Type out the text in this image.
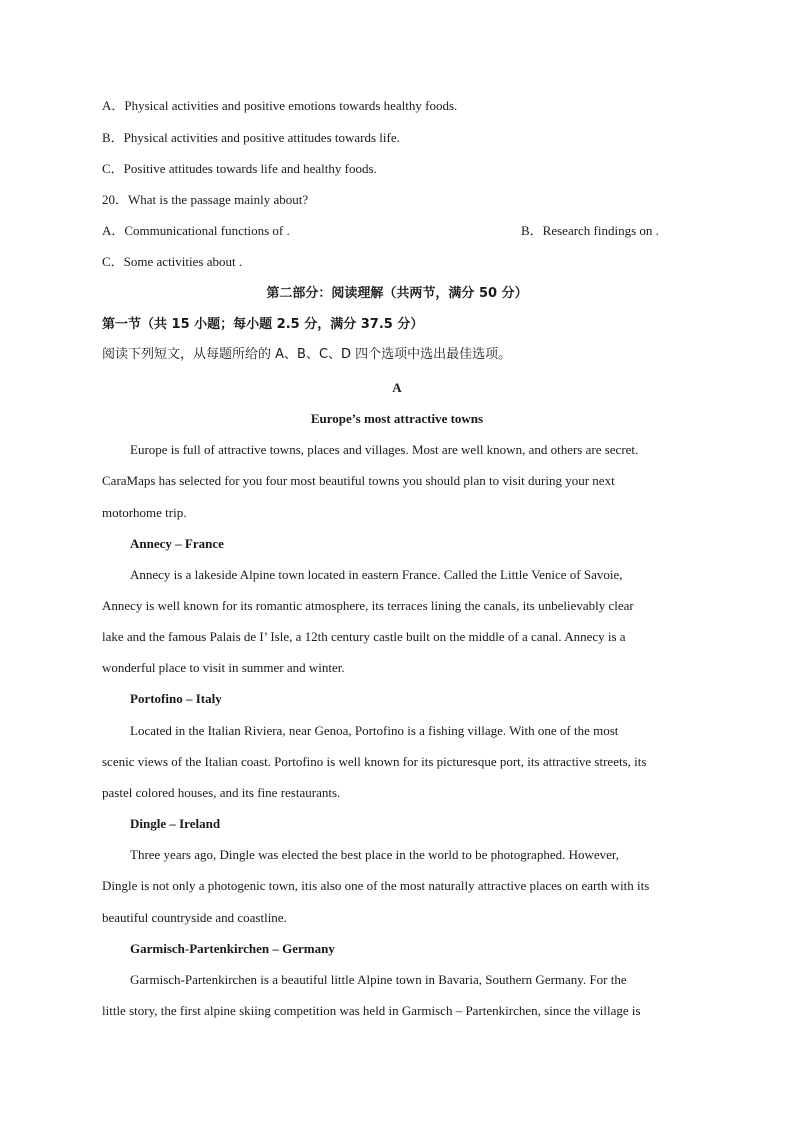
A．Physical activities and positive emotions towards healthy foods.
B．Physical activities and positive attitudes towards life.
C．Positive attitudes towards life and healthy foods.
20．What is the passage mainly about?
A．Communicational functions of .	B．Research findings on .
C．Some activities about .
第二部分：阅读理解（共两节，满分 50 分）
第一节（共 15 小题；每小题 2.5 分，满分 37.5 分）
阅读下列短文，从每题所给的 A、B、C、D 四个选项中选出最佳选项。
A
Europe’s most attractive towns
Europe is full of attractive towns, places and villages. Most are well known, and others are secret.
CaraMaps has selected for you four most beautiful towns you should plan to visit during your next
motorhome trip.
Annecy – France
Annecy is a lakeside Alpine town located in eastern France. Called the Little Venice of Savoie,
Annecy is well known for its romantic atmosphere, its terraces lining the canals, its unbelievably clear
lake and the famous Palais de I’ Isle, a 12th century castle built on the middle of a canal. Annecy is a
wonderful place to visit in summer and winter.
Portofino – Italy
Located in the Italian Riviera, near Genoa, Portofino is a fishing village. With one of the most
scenic views of the Italian coast. Portofino is well known for its picturesque port, its attractive streets, its
pastel colored houses, and its fine restaurants.
Dingle – Ireland
Three years ago, Dingle was elected the best place in the world to be photographed. However,
Dingle is not only a photogenic town, itis also one of the most naturally attractive places on earth with its
beautiful countryside and coastline.
Garmisch-Partenkirchen – Germany
Garmisch-Partenkirchen is a beautiful little Alpine town in Bavaria, Southern Germany. For the
little story, the first alpine skiing competition was held in Garmisch – Partenkirchen, since the village is
